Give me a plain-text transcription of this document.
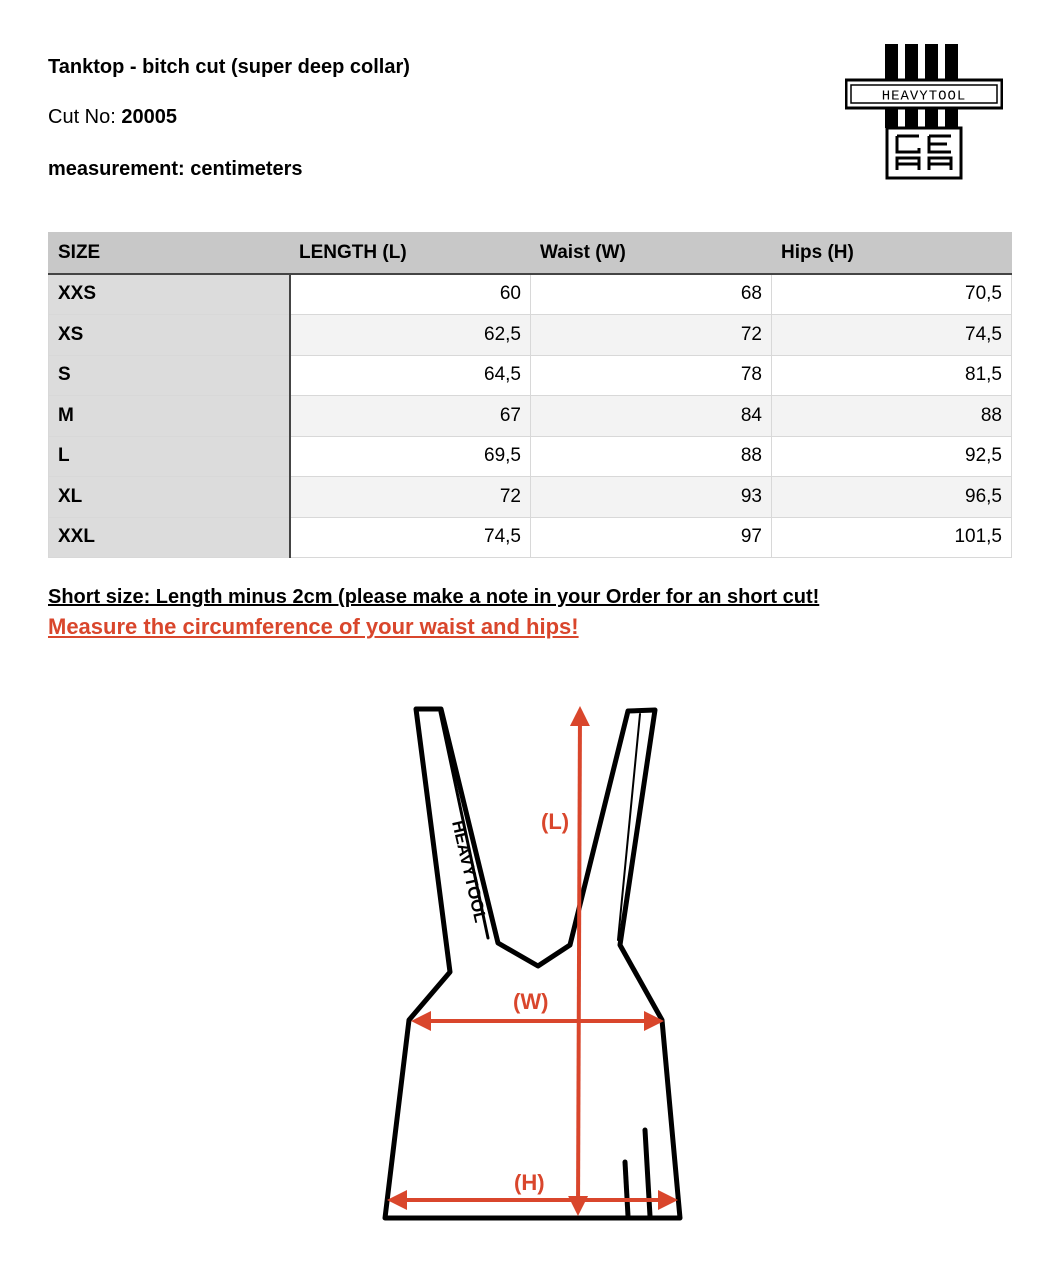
Tanktop - bitch cut (super deep collar)
Cut No: 20005
measurement: centimeters
HEAVYTOOL
SIZE	LENGTH (L)	Waist (W)	Hips (H)
XXS	60	68	70,5
XS	62,5	72	74,5
S	64,5	78	81,5
M	67	84	88
L	69,5	88	92,5
XL	72	93	96,5
XXL	74,5	97	101,5
Short size: Length minus 2cm (please make a note in your Order for an short cut!
Measure the circumference of your waist and hips!
HEAVYTOOL (L)
(W)
(H)
